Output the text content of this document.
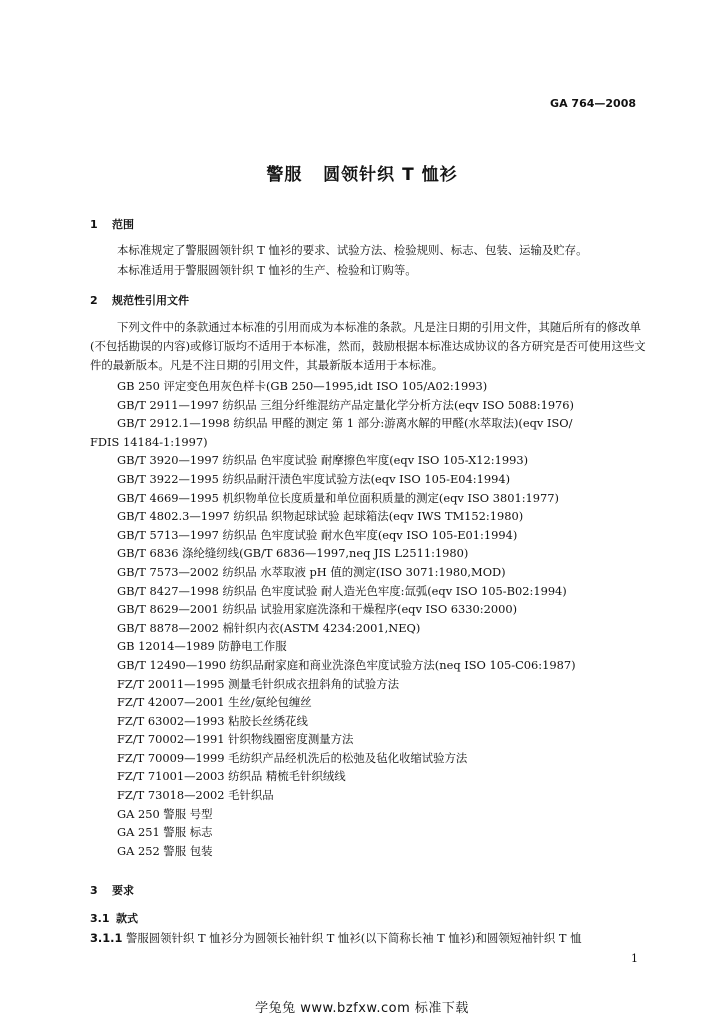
GA 764—2008
警服   圆领针织 T 恤衫
1 范围
本标准规定了警服圆领针织 T 恤衫的要求、试验方法、检验规则、标志、包装、运输及贮存。
本标准适用于警服圆领针织 T 恤衫的生产、检验和订购等。
2 规范性引用文件
下列文件中的条款通过本标准的引用而成为本标准的条款。凡是注日期的引用文件，其随后所有的修改单(不包括勘误的内容)或修订版均不适用于本标准，然而，鼓励根据本标准达成协议的各方研究是否可使用这些文件的最新版本。凡是不注日期的引用文件，其最新版本适用于本标准。
GB 250 评定变色用灰色样卡(GB 250—1995,idt ISO 105/A02:1993)
GB/T 2911—1997 纺织品 三组分纤维混纺产品定量化学分析方法(eqv ISO 5088:1976)
GB/T 2912.1—1998 纺织品 甲醛的测定 第 1 部分:游离水解的甲醛(水萃取法)(eqv ISO/
FDIS 14184-1:1997)
GB/T 3920—1997 纺织品 色牢度试验 耐摩擦色牢度(eqv ISO 105-X12:1993)
GB/T 3922—1995 纺织品耐汗渍色牢度试验方法(eqv ISO 105-E04:1994)
GB/T 4669—1995 机织物单位长度质量和单位面积质量的测定(eqv ISO 3801:1977)
GB/T 4802.3—1997 纺织品 织物起球试验 起球箱法(eqv IWS TM152:1980)
GB/T 5713—1997 纺织品 色牢度试验 耐水色牢度(eqv ISO 105-E01:1994)
GB/T 6836 涤纶缝纫线(GB/T 6836—1997,neq JIS L2511:1980)
GB/T 7573—2002 纺织品 水萃取液 pH 值的测定(ISO 3071:1980,MOD)
GB/T 8427—1998 纺织品 色牢度试验 耐人造光色牢度:氙弧(eqv ISO 105-B02:1994)
GB/T 8629—2001 纺织品 试验用家庭洗涤和干燥程序(eqv ISO 6330:2000)
GB/T 8878—2002 棉针织内衣(ASTM 4234:2001,NEQ)
GB 12014—1989 防静电工作服
GB/T 12490—1990 纺织品耐家庭和商业洗涤色牢度试验方法(neq ISO 105-C06:1987)
FZ/T 20011—1995 测量毛针织成衣扭斜角的试验方法
FZ/T 42007—2001 生丝/氨纶包缠丝
FZ/T 63002—1993 粘胶长丝绣花线
FZ/T 70002—1991 针织物线圈密度测量方法
FZ/T 70009—1999 毛纺织产品经机洗后的松弛及毡化收缩试验方法
FZ/T 71001—2003 纺织品 精梳毛针织绒线
FZ/T 73018—2002 毛针织品
GA 250 警服 号型
GA 251 警服 标志
GA 252 警服 包装
3 要求
3.1 款式
3.1.1 警服圆领针织 T 恤衫分为圆领长袖针织 T 恤衫(以下简称长袖 T 恤衫)和圆领短袖针织 T 恤
1
学兔兔 www.bzfxw.com 标准下载
